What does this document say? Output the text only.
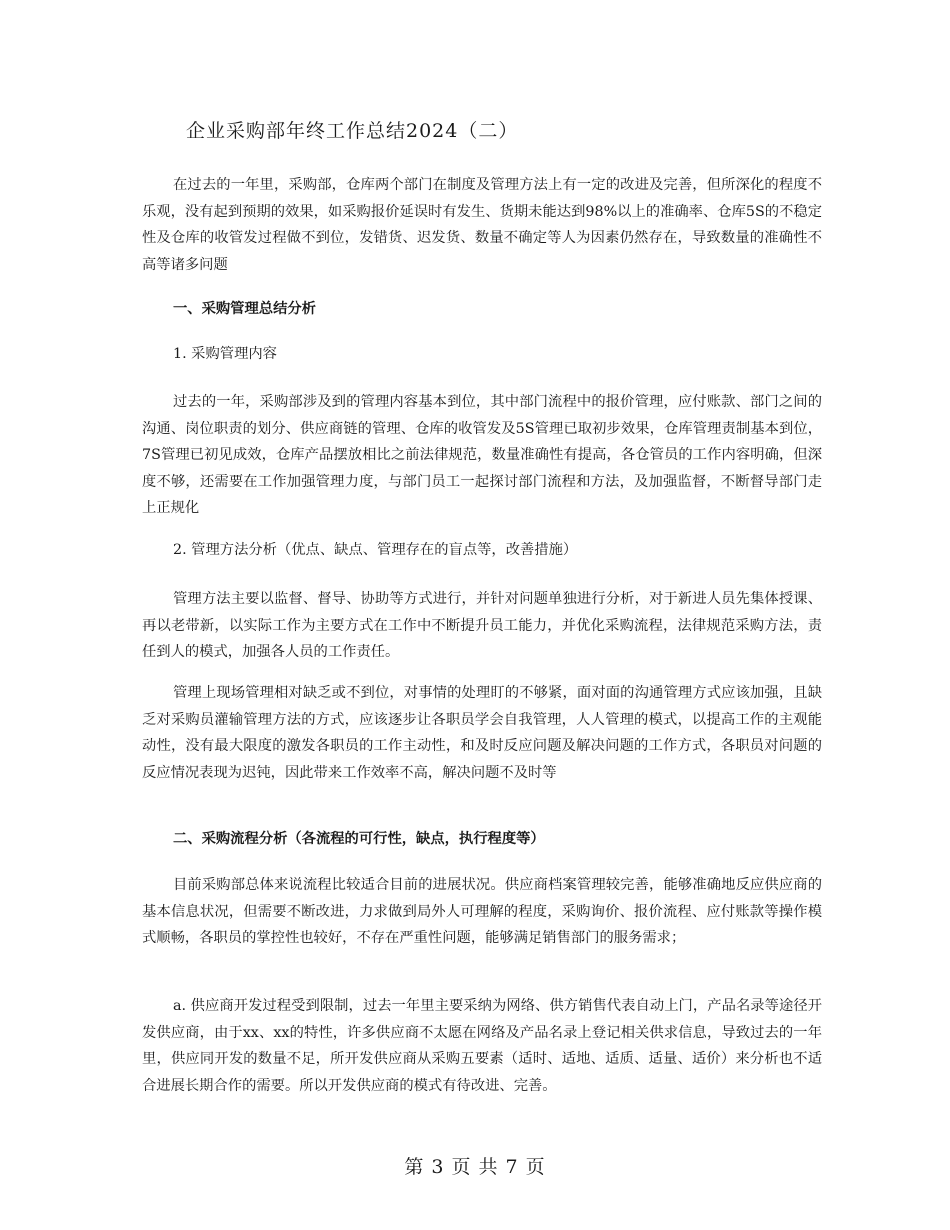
企业采购部年终工作总结2024（二）
在过去的一年里，采购部，仓库两个部门在制度及管理方法上有一定的改进及完善，但所深化的程度不乐观，没有起到预期的效果，如采购报价延误时有发生、货期未能达到98%以上的准确率、仓库5S的不稳定性及仓库的收管发过程做不到位，发错货、迟发货、数量不确定等人为因素仍然存在，导致数量的准确性不高等诸多问题
一、采购管理总结分析
1. 采购管理内容
过去的一年，采购部涉及到的管理内容基本到位，其中部门流程中的报价管理，应付账款、部门之间的沟通、岗位职责的划分、供应商链的管理、仓库的收管发及5S管理已取初步效果，仓库管理责制基本到位，7S管理已初见成效，仓库产品摆放相比之前法律规范，数量准确性有提高，各仓管员的工作内容明确，但深度不够，还需要在工作加强管理力度，与部门员工一起探讨部门流程和方法，及加强监督，不断督导部门走上正规化
2. 管理方法分析（优点、缺点、管理存在的盲点等，改善措施）
管理方法主要以监督、督导、协助等方式进行，并针对问题单独进行分析，对于新进人员先集体授课、再以老带新，以实际工作为主要方式在工作中不断提升员工能力，并优化采购流程，法律规范采购方法，责任到人的模式，加强各人员的工作责任。
管理上现场管理相对缺乏或不到位，对事情的处理盯的不够紧，面对面的沟通管理方式应该加强，且缺乏对采购员灌输管理方法的方式，应该逐步让各职员学会自我管理，人人管理的模式，以提高工作的主观能动性，没有最大限度的激发各职员的工作主动性，和及时反应问题及解决问题的工作方式，各职员对问题的反应情况表现为迟钝，因此带来工作效率不高，解决问题不及时等
二、采购流程分析（各流程的可行性，缺点，执行程度等）
目前采购部总体来说流程比较适合目前的进展状况。供应商档案管理较完善，能够准确地反应供应商的基本信息状况，但需要不断改进，力求做到局外人可理解的程度，采购询价、报价流程、应付账款等操作模式顺畅，各职员的掌控性也较好，不存在严重性问题，能够满足销售部门的服务需求；
a. 供应商开发过程受到限制，过去一年里主要采纳为网络、供方销售代表自动上门，产品名录等途径开发供应商，由于xx、xx的特性，许多供应商不太愿在网络及产品名录上登记相关供求信息，导致过去的一年里，供应同开发的数量不足，所开发供应商从采购五要素（适时、适地、适质、适量、适价）来分析也不适合进展长期合作的需要。所以开发供应商的模式有待改进、完善。
第 3 页 共 7 页
